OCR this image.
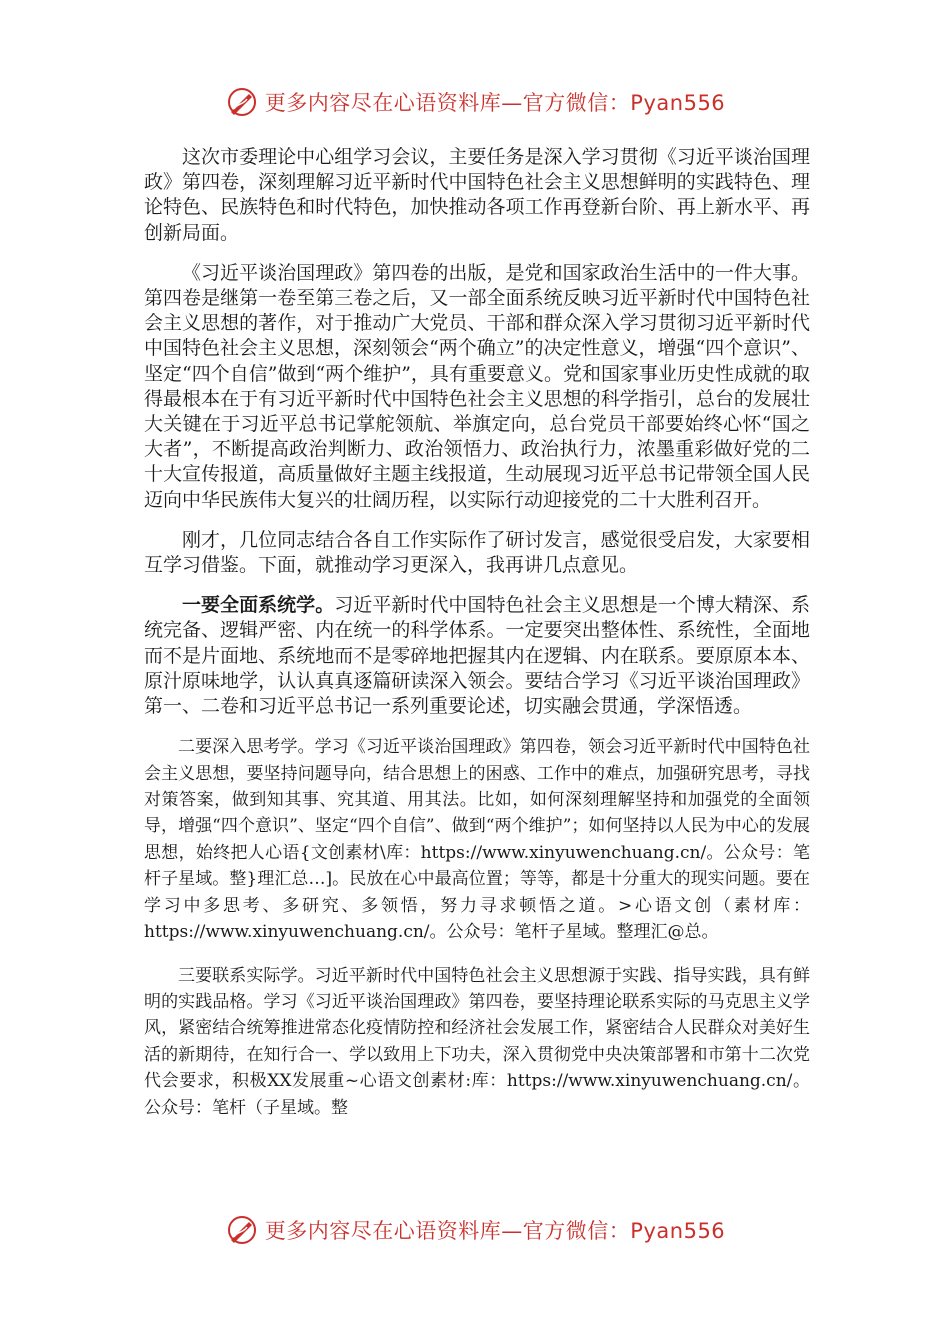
更多内容尽在心语资料库—官方微信：Pyan556

这次市委理论中心组学习会议，主要任务是深入学习贯彻《习近平谈治国理政》第四卷，深刻理解习近平新时代中国特色社会主义思想鲜明的实践特色、理论特色、民族特色和时代特色，加快推动各项工作再登新台阶、再上新水平、再创新局面。

《习近平谈治国理政》第四卷的出版，是党和国家政治生活中的一件大事。第四卷是继第一卷至第三卷之后，又一部全面系统反映习近平新时代中国特色社会主义思想的著作，对于推动广大党员、干部和群众深入学习贯彻习近平新时代中国特色社会主义思想，深刻领会“两个确立”的决定性意义，增强“四个意识”、坚定“四个自信”做到“两个维护”，具有重要意义。党和国家事业历史性成就的取得最根本在于有习近平新时代中国特色社会主义思想的科学指引，总台的发展壮大关键在于习近平总书记掌舵领航、举旗定向，总台党员干部要始终心怀“国之大者”，不断提高政治判断力、政治领悟力、政治执行力，浓墨重彩做好党的二十大宣传报道，高质量做好主题主线报道，生动展现习近平总书记带领全国人民迈向中华民族伟大复兴的壮阔历程，以实际行动迎接党的二十大胜利召开。

刚才，几位同志结合各自工作实际作了研讨发言，感觉很受启发，大家要相互学习借鉴。下面，就推动学习更深入，我再讲几点意见。

一要全面系统学。习近平新时代中国特色社会主义思想是一个博大精深、系统完备、逻辑严密、内在统一的科学体系。一定要突出整体性、系统性，全面地而不是片面地、系统地而不是零碎地把握其内在逻辑、内在联系。要原原本本、原汁原味地学，认认真真逐篇研读深入领会。要结合学习《习近平谈治国理政》第一、二卷和习近平总书记一系列重要论述，切实融会贯通，学深悟透。

二要深入思考学。学习《习近平谈治国理政》第四卷，领会习近平新时代中国特色社会主义思想，要坚持问题导向，结合思想上的困惑、工作中的难点，加强研究思考，寻找对策答案，做到知其事、究其道、用其法。比如，如何深刻理解坚持和加强党的全面领导，增强“四个意识”、坚定“四个自信”、做到“两个维护”；如何坚持以人民为中心的发展思想，始终把人心语{文创素材\库：https://www.xinyuwenchuang.cn/。公众号：笔杆子星域。整}理汇总…]。民放在心中最高位置；等等，都是十分重大的现实问题。要在学习中多思考、多研究、多领悟，努力寻求顿悟之道。>心语文创（素材库：https://www.xinyuwenchuang.cn/。公众号：笔杆子星域。整理汇@总。

三要联系实际学。习近平新时代中国特色社会主义思想源于实践、指导实践，具有鲜明的实践品格。学习《习近平谈治国理政》第四卷，要坚持理论联系实际的马克思主义学风，紧密结合统筹推进常态化疫情防控和经济社会发展工作，紧密结合人民群众对美好生活的新期待，在知行合一、学以致用上下功夫，深入贯彻党中央决策部署和市第十二次党代会要求，积极XX发展重~心语文创素材:库：https://www.xinyuwenchuang.cn/。公众号：笔杆（子星域。整

更多内容尽在心语资料库—官方微信：Pyan556
